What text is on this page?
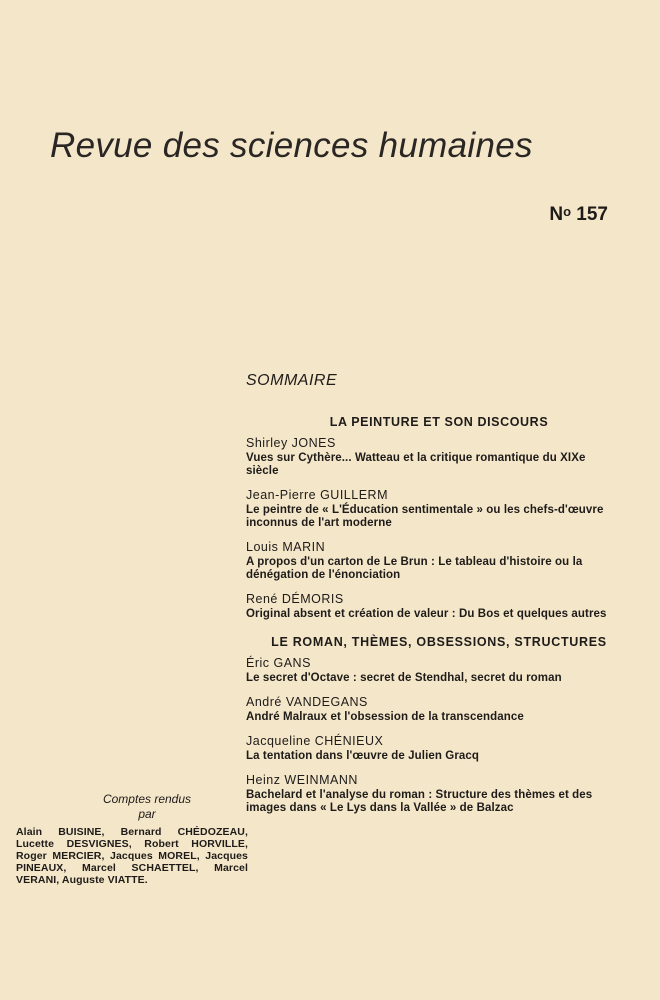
Revue des sciences humaines
$N^o$ 157
SOMMAIRE
LA PEINTURE ET SON DISCOURS
Shirley JONES
Vues sur Cythère... Watteau et la critique romantique du XIXe siècle
Jean-Pierre GUILLERM
Le peintre de « L'Éducation sentimentale » ou les chefs-d'œuvre inconnus de l'art moderne
Louis MARIN
A propos d'un carton de Le Brun : Le tableau d'histoire ou la dénégation de l'énonciation
René DÉMORIS
Original absent et création de valeur : Du Bos et quelques autres
LE ROMAN, THÈMES, OBSESSIONS, STRUCTURES
Éric GANS
Le secret d'Octave : secret de Stendhal, secret du roman
André VANDEGANS
André Malraux et l'obsession de la transcendance
Jacqueline CHÉNIEUX
La tentation dans l'œuvre de Julien Gracq
Heinz WEINMANN
Bachelard et l'analyse du roman : Structure des thèmes et des images dans « Le Lys dans la Vallée » de Balzac
Comptes rendus
par
Alain BUISINE, Bernard CHÉDOZEAU, Lucette DESVIGNES, Robert HORVILLE, Roger MERCIER, Jacques MOREL, Jacques PINEAUX, Marcel SCHAETTEL, Marcel VERANI, Auguste VIATTE.
